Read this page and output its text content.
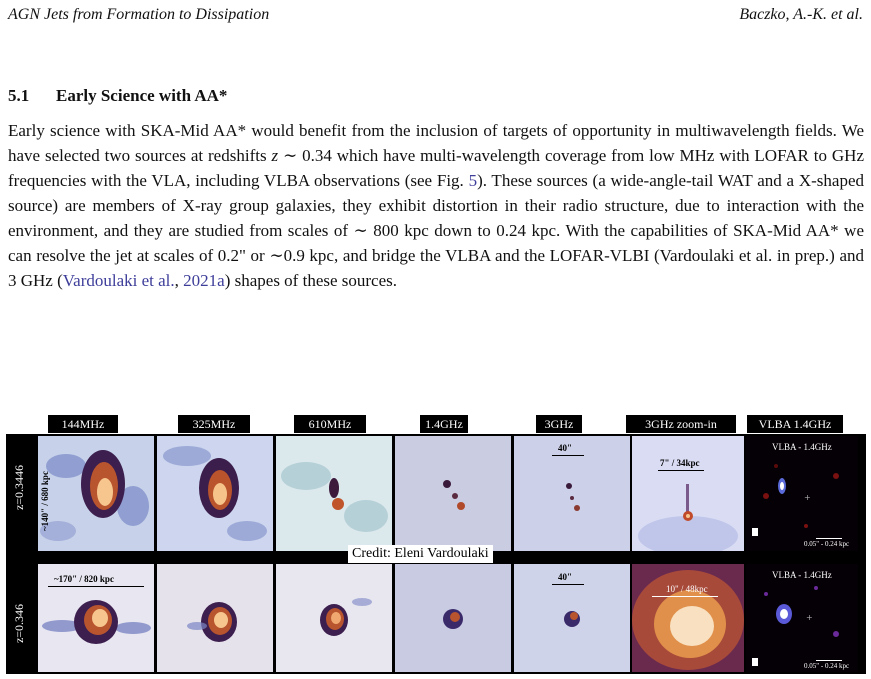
AGN Jets from Formation to Dissipation	Baczko, A.-K. et al.
5.1 Early Science with AA*
Early science with SKA-Mid AA* would benefit from the inclusion of targets of opportunity in multiwavelength fields. We have selected two sources at redshifts z ∼ 0.34 which have multi-wavelength coverage from low MHz with LOFAR to GHz frequencies with the VLA, including VLBA observations (see Fig. 5). These sources (a wide-angle-tail WAT and a X-shaped source) are members of X-ray group galaxies, they exhibit distortion in their radio structure, due to interaction with the environment, and they are studied from scales of ∼ 800 kpc down to 0.24 kpc. With the capabilities of SKA-Mid AA* we can resolve the jet at scales of 0.2" or ∼0.9 kpc, and bridge the VLBA and the LOFAR-VLBI (Vardoulaki et al. in prep.) and 3 GHz (Vardoulaki et al., 2021a) shapes of these sources.
144MHz	325MHz	610MHz	1.4GHz	3GHz	3GHz zoom-in	VLBA 1.4GHz
z=0.3446 ~140" / 680 kpc
40"
7" / 34kpc
+
VLBA - 1.4GHz
0.05" - 0.24 kpc
z=0.346
~170" / 820 kpc	40"
10" / 48kpc
+
VLBA - 1.4GHz
0.05" - 0.24 kpc
Credit: Eleni Vardoulaki
